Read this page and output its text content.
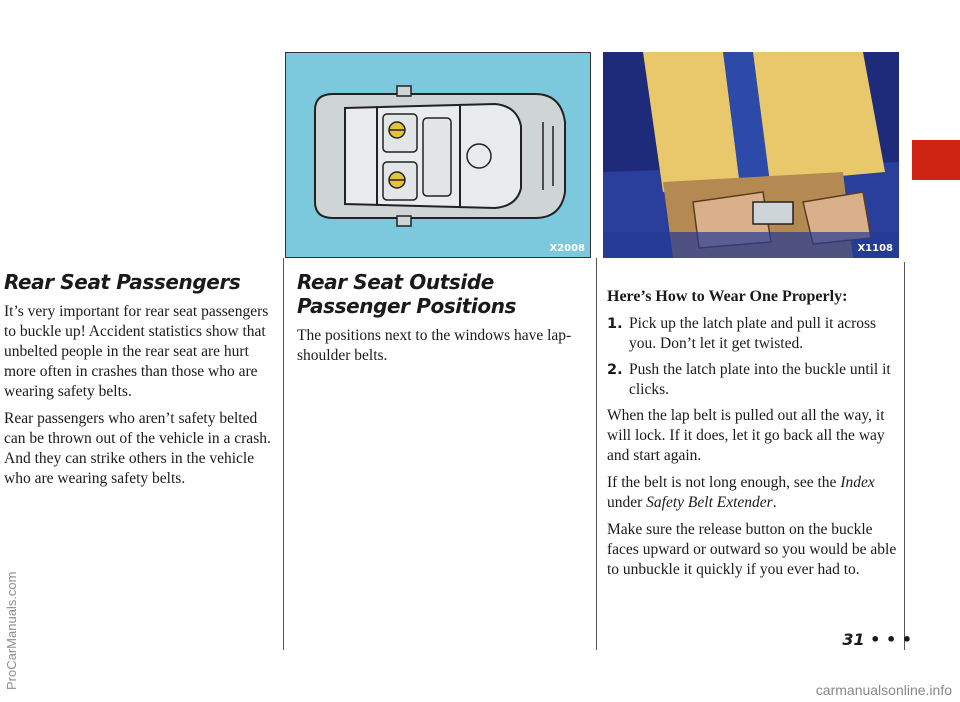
Rear Seat Passengers

It’s very important for rear seat passengers to buckle up! Accident statistics show that unbelted people in the rear seat are hurt more often in crashes than those who are wearing safety belts.

Rear passengers who aren’t safety belted can be thrown out of the vehicle in a crash. And they can strike others in the vehicle who are wearing safety belts.

X2008	X1108
Rear Seat Outside Passenger Positions

The positions next to the windows have lap-shoulder belts.

Here’s How to Wear One Properly:

1. Pick up the latch plate and pull it across you. Don’t let it get twisted.
2. Push the latch plate into the buckle until it clicks.

When the lap belt is pulled out all the way, it will lock. If it does, let it go back all the way and start again.

If the belt is not long enough, see the Index under Safety Belt Extender.

Make sure the release button on the buckle faces upward or outward so you would be able to unbuckle it quickly if you ever had to.

31 • • •
ProCarManuals.com	carmanualsonline.info
